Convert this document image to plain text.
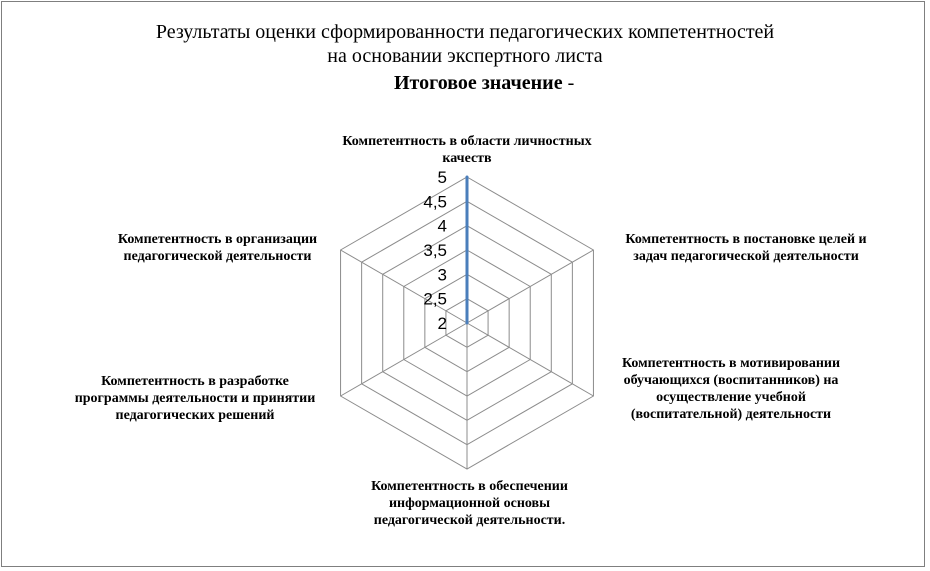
Результаты оценки сформированности педагогических компетентностей
на основании экспертного листа
Итоговое значение -
2
2,5
3
3,5
4
4,5
5
Компетентность в области личностных
качеств
Компетентность в постановке целей и
задач педагогической деятельности
Компетентность в мотивировании
обучающихся (воспитанников) на
осуществление учебной
(воспитательной) деятельности
Компетентность в обеспечении
информационной основы
педагогической деятельности.
Компетентность в разработке
программы деятельности и принятии
педагогических решений
Компетентность в организации
педагогической деятельности
